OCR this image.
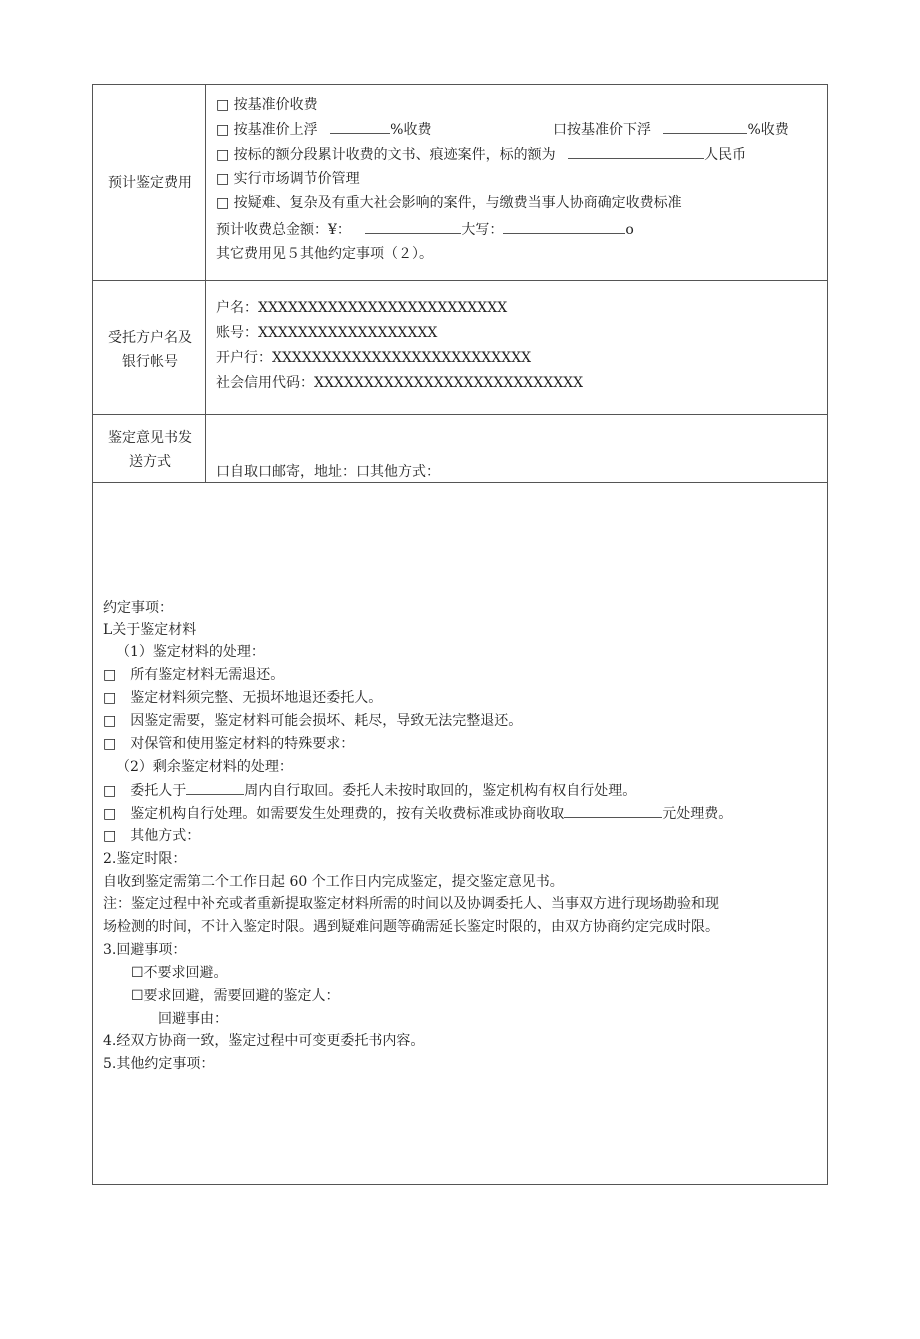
预计鉴定费用
□ 按基准价收费
□ 按基准价上浮	%收费	口按基准价下浮	%收费
□ 按标的额分段累计收费的文书、痕迹案件，标的额为	人民币
□ 实行市场调节价管理
□ 按疑难、复杂及有重大社会影响的案件，与缴费当事人协商确定收费标准
预计收费总金额：¥：	大写：	o
其它费用见５其他约定事项（２）。
受托方户名及
银行帐号
户名：XXXXXXXXXXXXXXXXXXXXXXXXX
账号：XXXXXXXXXXXXXXXXXX
开户行：XXXXXXXXXXXXXXXXXXXXXXXXXX
社会信用代码：XXXXXXXXXXXXXXXXXXXXXXXXXXX
鉴定意见书发
送方式
口自取口邮寄，地址：口其他方式：
约定事项：
L关于鉴定材料
（1）鉴定材料的处理：
□　所有鉴定材料无需退还。
□　鉴定材料须完整、无损坏地退还委托人。
□　因鉴定需要，鉴定材料可能会损坏、耗尽，导致无法完整退还。
□　对保管和使用鉴定材料的特殊要求：
（2）剩余鉴定材料的处理：
□　委托人于	周内自行取回。委托人未按时取回的，鉴定机构有权自行处理。
□　鉴定机构自行处理。如需要发生处理费的，按有关收费标准或协商收取	元处理费。
□　其他方式：
2.鉴定时限：
自收到鉴定需第二个工作日起 60 个工作日内完成鉴定，提交鉴定意见书。
注：鉴定过程中补充或者重新提取鉴定材料所需的时间以及协调委托人、当事双方进行现场勘验和现
场检测的时间，不计入鉴定时限。遇到疑难问题等确需延长鉴定时限的，由双方协商约定完成时限。
3.回避事项：
☐不要求回避。
☐要求回避，需要回避的鉴定人：
回避事由：
4.经双方协商一致，鉴定过程中可变更委托书内容。
5.其他约定事项：
